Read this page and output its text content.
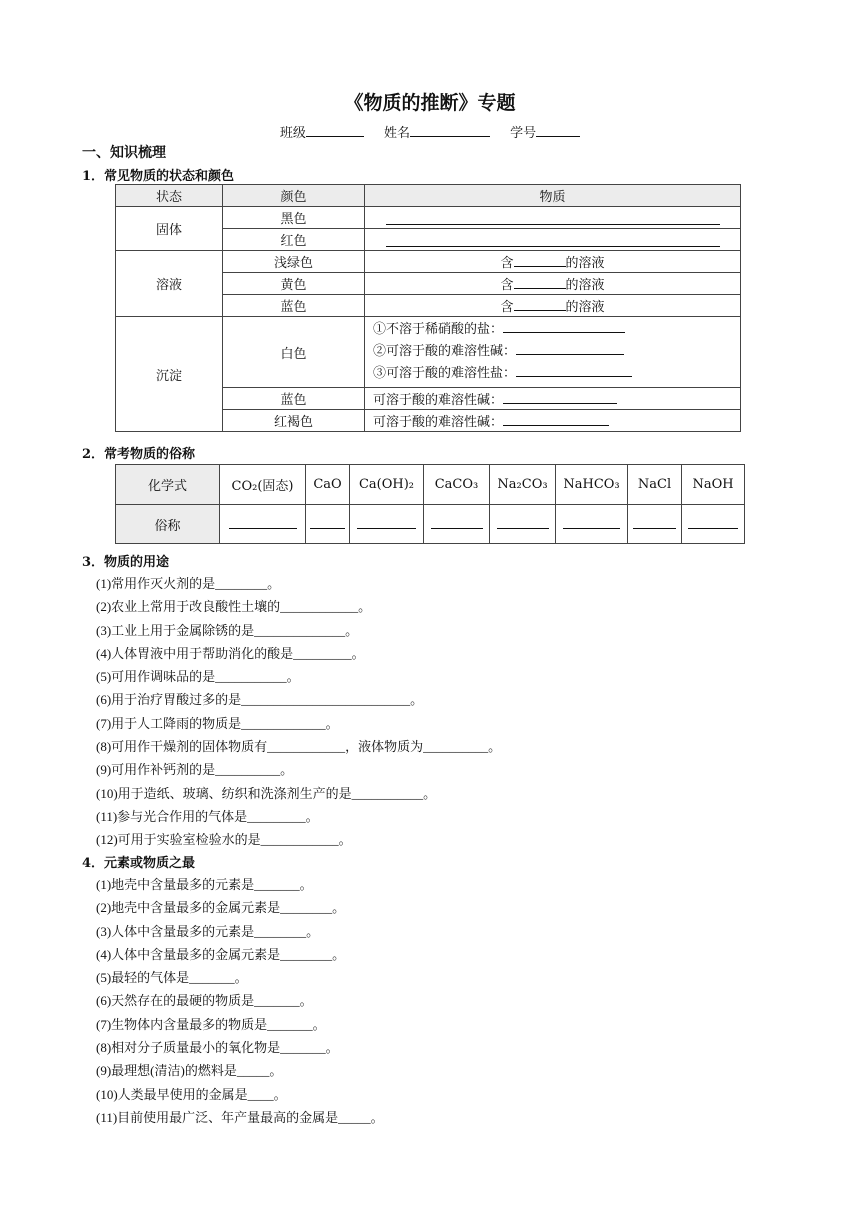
《物质的推断》专题
班级	姓名	学号
一、知识梳理
1．常见物质的状态和颜色
状态	颜色	物质
固体	黑色	
	红色	
溶液	浅绿色	含 的溶液
	黄色	含 的溶液
	蓝色	含 的溶液
沉淀	白色	①不溶于稀硝酸的盐：
②可溶于酸的难溶性碱：
③可溶于酸的难溶性盐：

	蓝色	可溶于酸的难溶性碱：
	红褐色	可溶于酸的难溶性碱：
2．常考物质的俗称
化学式	CO₂(固态)	CaO	Ca(OH)₂	CaCO₃	Na₂CO₃	NaHCO₃	NaCl	NaOH
俗称								
3．物质的用途
(1)常用作灭火剂的是________。
(2)农业上常用于改良酸性土壤的____________。
(3)工业上用于金属除锈的是______________。
(4)人体胃液中用于帮助消化的酸是_________。
(5)可用作调味品的是___________。
(6)用于治疗胃酸过多的是__________________________。
(7)用于人工降雨的物质是_____________。
(8)可用作干燥剂的固体物质有____________，液体物质为__________。
(9)可用作补钙剂的是__________。
(10)用于造纸、玻璃、纺织和洗涤剂生产的是___________。
(11)参与光合作用的气体是_________。
(12)可用于实验室检验水的是____________。
4．元素或物质之最
(1)地壳中含量最多的元素是_______。
(2)地壳中含量最多的金属元素是________。
(3)人体中含量最多的元素是________。
(4)人体中含量最多的金属元素是________。
(5)最轻的气体是_______。
(6)天然存在的最硬的物质是_______。
(7)生物体内含量最多的物质是_______。
(8)相对分子质量最小的氧化物是_______。
(9)最理想(清洁)的燃料是_____。
(10)人类最早使用的金属是____。
(11)目前使用最广泛、年产量最高的金属是_____。
